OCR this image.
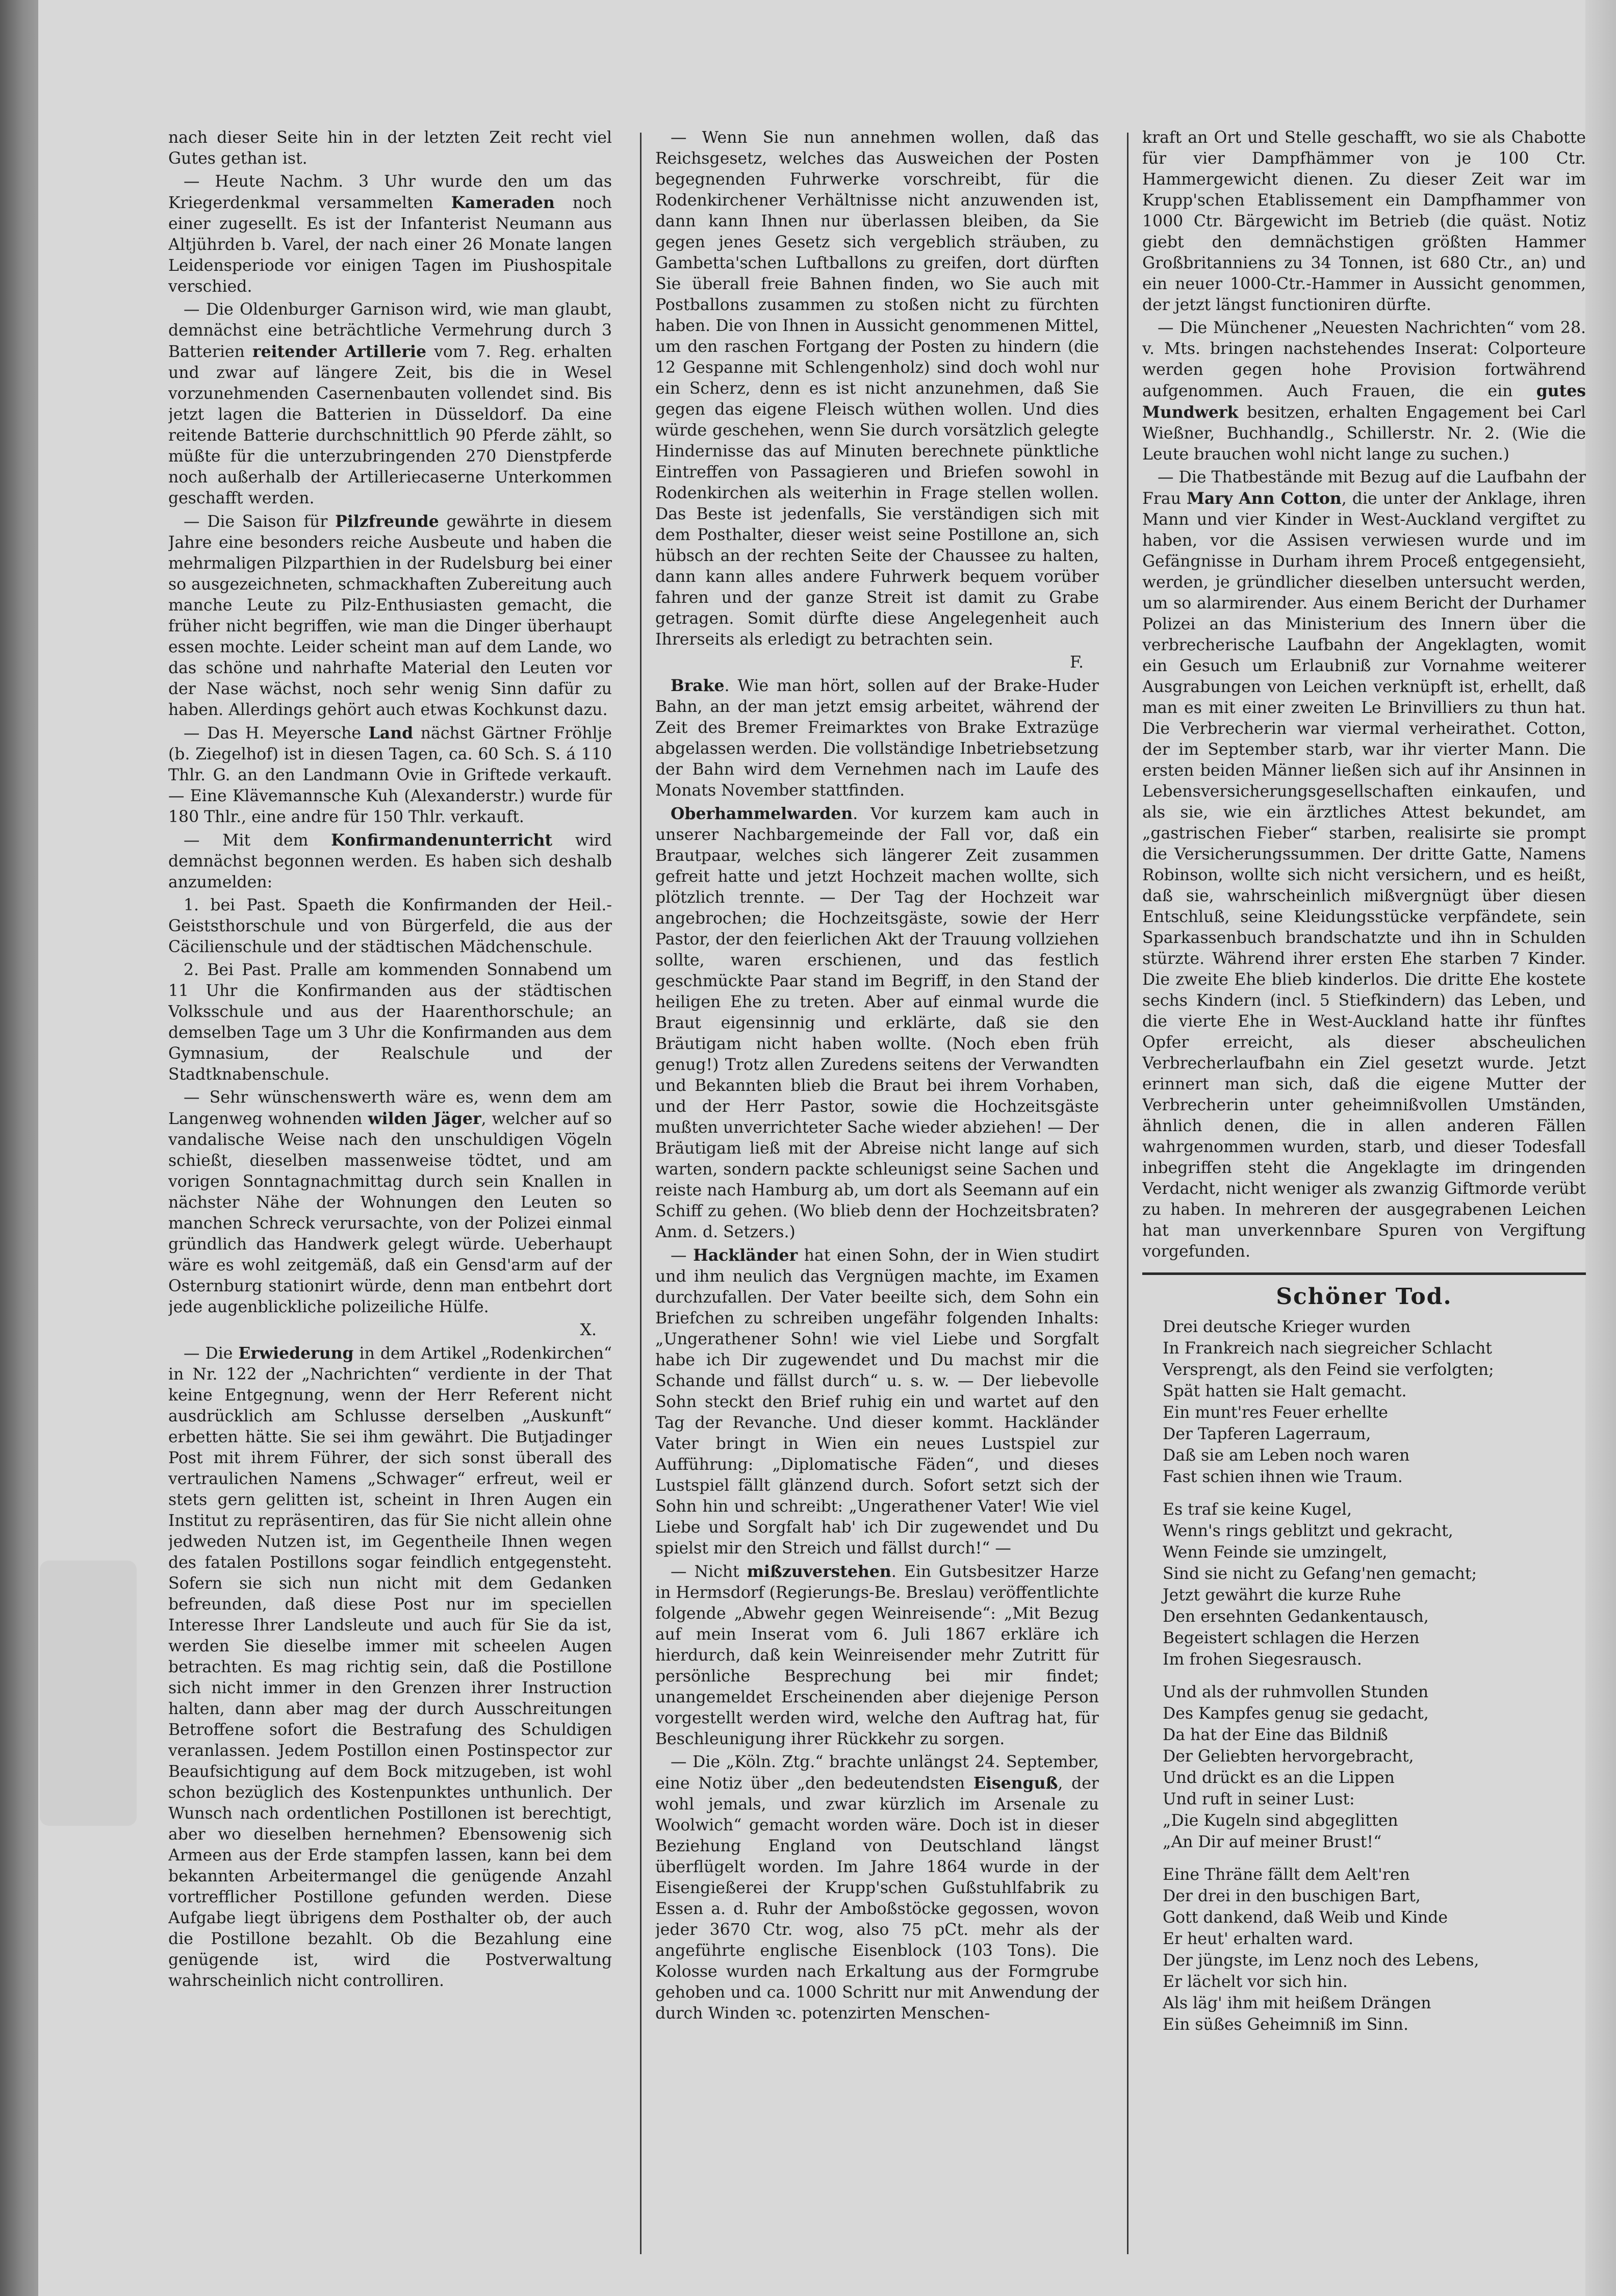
nach dieser Seite hin in der letzten Zeit recht viel Gutes gethan ist.

— Heute Nachm. 3 Uhr wurde den um das Kriegerdenkmal versammelten Kameraden noch einer zugesellt. Es ist der Infanterist Neumann aus Altjührden b. Varel, der nach einer 26 Monate langen Leidensperiode vor einigen Tagen im Piushospitale verschied.

— Die Oldenburger Garnison wird, wie man glaubt, demnächst eine beträchtliche Vermehrung durch 3 Batterien reitender Artillerie vom 7. Reg. erhalten und zwar auf längere Zeit, bis die in Wesel vorzunehmenden Casernenbauten vollendet sind. Bis jetzt lagen die Batterien in Düsseldorf. Da eine reitende Batterie durchschnittlich 90 Pferde zählt, so müßte für die unterzubringenden 270 Dienstpferde noch außerhalb der Artilleriecaserne Unterkommen geschafft werden.

— Die Saison für Pilzfreunde gewährte in diesem Jahre eine besonders reiche Ausbeute und haben die mehrmaligen Pilzparthien in der Rudelsburg bei einer so ausgezeichneten, schmackhaften Zubereitung auch manche Leute zu Pilz-Enthusiasten gemacht, die früher nicht begriffen, wie man die Dinger überhaupt essen mochte. Leider scheint man auf dem Lande, wo das schöne und nahrhafte Material den Leuten vor der Nase wächst, noch sehr wenig Sinn dafür zu haben. Allerdings gehört auch etwas Kochkunst dazu.

— Das H. Meyersche Land nächst Gärtner Fröhlje (b. Ziegelhof) ist in diesen Tagen, ca. 60 Sch. S. á 110 Thlr. G. an den Landmann Ovie in Griftede verkauft. — Eine Klävemannsche Kuh (Alexanderstr.) wurde für 180 Thlr., eine andre für 150 Thlr. verkauft.

— Mit dem Konfirmandenunterricht wird demnächst begonnen werden. Es haben sich deshalb anzumelden:

1. bei Past. Spaeth die Konfirmanden der Heil.-Geiststhorschule und von Bürgerfeld, die aus der Cäcilienschule und der städtischen Mädchenschule.

2. Bei Past. Pralle am kommenden Sonnabend um 11 Uhr die Konfirmanden aus der städtischen Volksschule und aus der Haarenthorschule; an demselben Tage um 3 Uhr die Konfirmanden aus dem Gymnasium, der Realschule und der Stadtknabenschule.

— Sehr wünschenswerth wäre es, wenn dem am Langenweg wohnenden wilden Jäger, welcher auf so vandalische Weise nach den unschuldigen Vögeln schießt, dieselben massenweise tödtet, und am vorigen Sonntagnachmittag durch sein Knallen in nächster Nähe der Wohnungen den Leuten so manchen Schreck verursachte, von der Polizei einmal gründlich das Handwerk gelegt würde. Ueberhaupt wäre es wohl zeitgemäß, daß ein Gensd'arm auf der Osternburg stationirt würde, denn man entbehrt dort jede augenblickliche polizeiliche Hülfe.

X.

— Die Erwiederung in dem Artikel „Rodenkirchen“ in Nr. 122 der „Nachrichten“ verdiente in der That keine Entgegnung, wenn der Herr Referent nicht ausdrücklich am Schlusse derselben „Auskunft“ erbetten hätte. Sie sei ihm gewährt. Die Butjadinger Post mit ihrem Führer, der sich sonst überall des vertraulichen Namens „Schwager“ erfreut, weil er stets gern gelitten ist, scheint in Ihren Augen ein Institut zu repräsentiren, das für Sie nicht allein ohne jedweden Nutzen ist, im Gegentheile Ihnen wegen des fatalen Postillons sogar feindlich entgegensteht. Sofern sie sich nun nicht mit dem Gedanken befreunden, daß diese Post nur im speciellen Interesse Ihrer Landsleute und auch für Sie da ist, werden Sie dieselbe immer mit scheelen Augen betrachten. Es mag richtig sein, daß die Postillone sich nicht immer in den Grenzen ihrer Instruction halten, dann aber mag der durch Ausschreitungen Betroffene sofort die Bestrafung des Schuldigen veranlassen. Jedem Postillon einen Postinspector zur Beaufsichtigung auf dem Bock mitzugeben, ist wohl schon bezüglich des Kostenpunktes unthunlich. Der Wunsch nach ordentlichen Postillonen ist berechtigt, aber wo dieselben hernehmen? Ebensowenig sich Armeen aus der Erde stampfen lassen, kann bei dem bekannten Arbeitermangel die genügende Anzahl vortrefflicher Postillone gefunden werden. Diese Aufgabe liegt übrigens dem Posthalter ob, der auch die Postillone bezahlt. Ob die Bezahlung eine genügende ist, wird die Postverwaltung wahrscheinlich nicht controlliren.

— Wenn Sie nun annehmen wollen, daß das Reichsgesetz, welches das Ausweichen der Posten begegnenden Fuhrwerke vorschreibt, für die Rodenkirchener Verhältnisse nicht anzuwenden ist, dann kann Ihnen nur überlassen bleiben, da Sie gegen jenes Gesetz sich vergeblich sträuben, zu Gambetta'schen Luftballons zu greifen, dort dürften Sie überall freie Bahnen finden, wo Sie auch mit Postballons zusammen zu stoßen nicht zu fürchten haben. Die von Ihnen in Aussicht genommenen Mittel, um den raschen Fortgang der Posten zu hindern (die 12 Gespanne mit Schlengenholz) sind doch wohl nur ein Scherz, denn es ist nicht anzunehmen, daß Sie gegen das eigene Fleisch wüthen wollen. Und dies würde geschehen, wenn Sie durch vorsätzlich gelegte Hindernisse das auf Minuten berechnete pünktliche Eintreffen von Passagieren und Briefen sowohl in Rodenkirchen als weiterhin in Frage stellen wollen. Das Beste ist jedenfalls, Sie verständigen sich mit dem Posthalter, dieser weist seine Postillone an, sich hübsch an der rechten Seite der Chaussee zu halten, dann kann alles andere Fuhrwerk bequem vorüber fahren und der ganze Streit ist damit zu Grabe getragen. Somit dürfte diese Angelegenheit auch Ihrerseits als erledigt zu betrachten sein.

F.

Brake. Wie man hört, sollen auf der Brake-Huder Bahn, an der man jetzt emsig arbeitet, während der Zeit des Bremer Freimarktes von Brake Extrazüge abgelassen werden. Die vollständige Inbetriebsetzung der Bahn wird dem Vernehmen nach im Laufe des Monats November stattfinden.

Oberhammelwarden. Vor kurzem kam auch in unserer Nachbargemeinde der Fall vor, daß ein Brautpaar, welches sich längerer Zeit zusammen gefreit hatte und jetzt Hochzeit machen wollte, sich plötzlich trennte. — Der Tag der Hochzeit war angebrochen; die Hochzeitsgäste, sowie der Herr Pastor, der den feierlichen Akt der Trauung vollziehen sollte, waren erschienen, und das festlich geschmückte Paar stand im Begriff, in den Stand der heiligen Ehe zu treten. Aber auf einmal wurde die Braut eigensinnig und erklärte, daß sie den Bräutigam nicht haben wollte. (Noch eben früh genug!) Trotz allen Zuredens seitens der Verwandten und Bekannten blieb die Braut bei ihrem Vorhaben, und der Herr Pastor, sowie die Hochzeitsgäste mußten unverrichteter Sache wieder abziehen! — Der Bräutigam ließ mit der Abreise nicht lange auf sich warten, sondern packte schleunigst seine Sachen und reiste nach Hamburg ab, um dort als Seemann auf ein Schiff zu gehen. (Wo blieb denn der Hochzeitsbraten? Anm. d. Setzers.)

— Hackländer hat einen Sohn, der in Wien studirt und ihm neulich das Vergnügen machte, im Examen durchzufallen. Der Vater beeilte sich, dem Sohn ein Briefchen zu schreiben ungefähr folgenden Inhalts: „Ungerathener Sohn! wie viel Liebe und Sorgfalt habe ich Dir zugewendet und Du machst mir die Schande und fällst durch“ u. s. w. — Der liebevolle Sohn steckt den Brief ruhig ein und wartet auf den Tag der Revanche. Und dieser kommt. Hackländer Vater bringt in Wien ein neues Lustspiel zur Aufführung: „Diplomatische Fäden“, und dieses Lustspiel fällt glänzend durch. Sofort setzt sich der Sohn hin und schreibt: „Ungerathener Vater! Wie viel Liebe und Sorgfalt hab' ich Dir zugewendet und Du spielst mir den Streich und fällst durch!“ —

— Nicht mißzuverstehen. Ein Gutsbesitzer Harze in Hermsdorf (Regierungs-Be. Breslau) veröffentlichte folgende „Abwehr gegen Weinreisende“: „Mit Bezug auf mein Inserat vom 6. Juli 1867 erkläre ich hierdurch, daß kein Weinreisender mehr Zutritt für persönliche Besprechung bei mir findet; unangemeldet Erscheinenden aber diejenige Person vorgestellt werden wird, welche den Auftrag hat, für Beschleunigung ihrer Rückkehr zu sorgen.

— Die „Köln. Ztg.“ brachte unlängst 24. September, eine Notiz über „den bedeutendsten Eisenguß, der wohl jemals, und zwar kürzlich im Arsenale zu Woolwich“ gemacht worden wäre. Doch ist in dieser Beziehung England von Deutschland längst überflügelt worden. Im Jahre 1864 wurde in der Eisengießerei der Krupp'schen Gußstuhlfabrik zu Essen a. d. Ruhr der Amboßstöcke gegossen, wovon jeder 3670 Ctr. wog, also 75 pCt. mehr als der angeführte englische Eisenblock (103 Tons). Die Kolosse wurden nach Erkaltung aus der Formgrube gehoben und ca. 1000 Schritt nur mit Anwendung der durch Winden ꝛc. potenzirten Menschen-

kraft an Ort und Stelle geschafft, wo sie als Chabotte für vier Dampfhämmer von je 100 Ctr. Hammergewicht dienen. Zu dieser Zeit war im Krupp'schen Etablissement ein Dampfhammer von 1000 Ctr. Bärgewicht im Betrieb (die quäst. Notiz giebt den demnächstigen größten Hammer Großbritanniens zu 34 Tonnen, ist 680 Ctr., an) und ein neuer 1000-Ctr.-Hammer in Aussicht genommen, der jetzt längst functioniren dürfte.

— Die Münchener „Neuesten Nachrichten“ vom 28. v. Mts. bringen nachstehendes Inserat: Colporteure werden gegen hohe Provision fortwährend aufgenommen. Auch Frauen, die ein gutes Mundwerk besitzen, erhalten Engagement bei Carl Wießner, Buchhandlg., Schillerstr. Nr. 2. (Wie die Leute brauchen wohl nicht lange zu suchen.)

— Die Thatbestände mit Bezug auf die Laufbahn der Frau Mary Ann Cotton, die unter der Anklage, ihren Mann und vier Kinder in West-Auckland vergiftet zu haben, vor die Assisen verwiesen wurde und im Gefängnisse in Durham ihrem Proceß entgegensieht, werden, je gründlicher dieselben untersucht werden, um so alarmirender. Aus einem Bericht der Durhamer Polizei an das Ministerium des Innern über die verbrecherische Laufbahn der Angeklagten, womit ein Gesuch um Erlaubniß zur Vornahme weiterer Ausgrabungen von Leichen verknüpft ist, erhellt, daß man es mit einer zweiten Le Brinvilliers zu thun hat. Die Verbrecherin war viermal verheirathet. Cotton, der im September starb, war ihr vierter Mann. Die ersten beiden Männer ließen sich auf ihr Ansinnen in Lebensversicherungsgesellschaften einkaufen, und als sie, wie ein ärztliches Attest bekundet, am „gastrischen Fieber“ starben, realisirte sie prompt die Versicherungssummen. Der dritte Gatte, Namens Robinson, wollte sich nicht versichern, und es heißt, daß sie, wahrscheinlich mißvergnügt über diesen Entschluß, seine Kleidungsstücke verpfändete, sein Sparkassenbuch brandschatzte und ihn in Schulden stürzte. Während ihrer ersten Ehe starben 7 Kinder. Die zweite Ehe blieb kinderlos. Die dritte Ehe kostete sechs Kindern (incl. 5 Stiefkindern) das Leben, und die vierte Ehe in West-Auckland hatte ihr fünftes Opfer erreicht, als dieser abscheulichen Verbrecherlaufbahn ein Ziel gesetzt wurde. Jetzt erinnert man sich, daß die eigene Mutter der Verbrecherin unter geheimnißvollen Umständen, ähnlich denen, die in allen anderen Fällen wahrgenommen wurden, starb, und dieser Todesfall inbegriffen steht die Angeklagte im dringenden Verdacht, nicht weniger als zwanzig Giftmorde verübt zu haben. In mehreren der ausgegrabenen Leichen hat man unverkennbare Spuren von Vergiftung vorgefunden.

Schöner Tod.
Drei deutsche Krieger wurden
In Frankreich nach siegreicher Schlacht
Versprengt, als den Feind sie verfolgten;
Spät hatten sie Halt gemacht.
Ein munt'res Feuer erhellte
Der Tapferen Lagerraum,
Daß sie am Leben noch waren
Fast schien ihnen wie Traum.
Es traf sie keine Kugel,
Wenn's rings geblitzt und gekracht,
Wenn Feinde sie umzingelt,
Sind sie nicht zu Gefang'nen gemacht;
Jetzt gewährt die kurze Ruhe
Den ersehnten Gedankentausch,
Begeistert schlagen die Herzen
Im frohen Siegesrausch.
Und als der ruhmvollen Stunden
Des Kampfes genug sie gedacht,
Da hat der Eine das Bildniß
Der Geliebten hervorgebracht,
Und drückt es an die Lippen
Und ruft in seiner Lust:
„Die Kugeln sind abgeglitten
„An Dir auf meiner Brust!“
Eine Thräne fällt dem Aelt'ren
Der drei in den buschigen Bart,
Gott dankend, daß Weib und Kinde
Er heut' erhalten ward.
Der jüngste, im Lenz noch des Lebens,
Er lächelt vor sich hin.
Als läg' ihm mit heißem Drängen
Ein süßes Geheimniß im Sinn.
